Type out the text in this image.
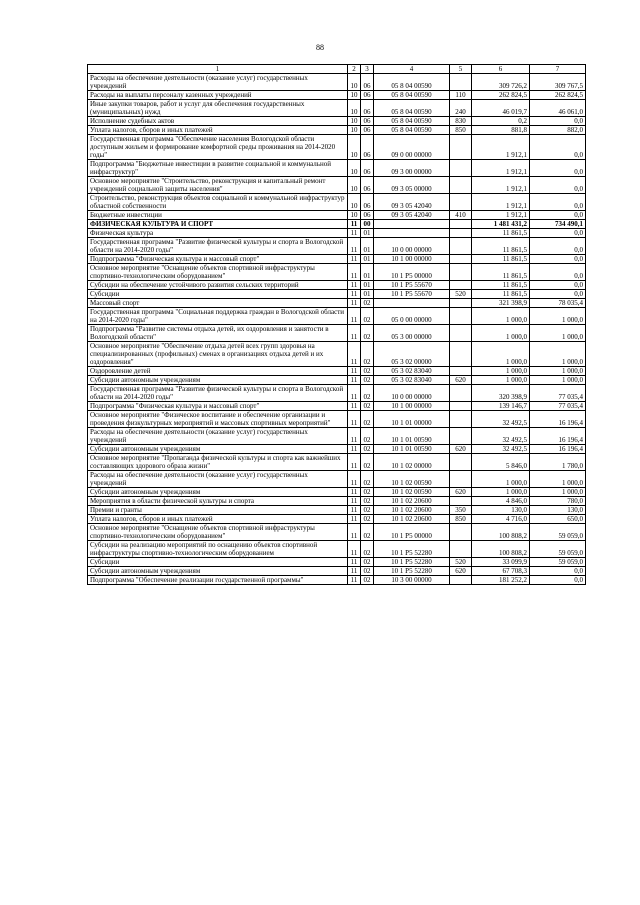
88
1	2	3	4	5	6	7
Расходы на обеспечение деятельности (оказание услуг) государственных учреждений	10	06	05 8 04 00590		309 726,2	309 767,5
Расходы на выплаты персоналу казенных учреждений	10	06	05 8 04 00590	110	262 824,5	262 824,5
Иные закупки товаров, работ и услуг для обеспечения государственных (муниципальных) нужд	10	06	05 8 04 00590	240	46 019,7	46 061,0
Исполнение судебных актов	10	06	05 8 04 00590	830	0,2	0,0
Уплата налогов, сборов и иных платежей	10	06	05 8 04 00590	850	881,8	882,0
Государственная программа "Обеспечение населения Вологодской области доступным жильем и формирование комфортной среды проживания на 2014-2020 годы"	10	06	09 0 00 00000		1 912,1	0,0
Подпрограмма "Бюджетные инвестиции в развитие социальной и коммунальной инфраструктур"	10	06	09 3 00 00000		1 912,1	0,0
Основное мероприятие "Строительство, реконструкция и капитальный ремонт учреждений социальной защиты населения"	10	06	09 3 05 00000		1 912,1	0,0
Строительство, реконструкция объектов социальной и коммунальной инфраструктур областной собственности	10	06	09 3 05 42040		1 912,1	0,0
Бюджетные инвестиции	10	06	09 3 05 42040	410	1 912,1	0,0
ФИЗИЧЕСКАЯ КУЛЬТУРА И СПОРТ	11	00			1 481 431,2	734 490,1
Физическая культура	11	01			11 861,5	0,0
Государственная программа "Развитие физической культуры и спорта в Вологодской области на 2014-2020 годы"	11	01	10 0 00 00000		11 861,5	0,0
Подпрограмма "Физическая культура и массовый спорт"	11	01	10 1 00 00000		11 861,5	0,0
Основное мероприятие "Оснащение объектов спортивной инфраструктуры спортивно-технологическим оборудованием"	11	01	10 1 P5 00000		11 861,5	0,0
Субсидии на обеспечение устойчивого развития сельских территорий	11	01	10 1 P5 55670		11 861,5	0,0
Субсидии	11	01	10 1 P5 55670	520	11 861,5	0,0
Массовый спорт	11	02			321 398,9	78 035,4
Государственная программа "Социальная поддержка граждан в Вологодской области на 2014-2020 годы"	11	02	05 0 00 00000		1 000,0	1 000,0
Подпрограмма "Развитие системы отдыха детей, их оздоровления и занятости в Вологодской области"	11	02	05 3 00 00000		1 000,0	1 000,0
Основное мероприятие "Обеспечение отдыха детей всех групп здоровья на специализированных (профильных) сменах в организациях отдыха детей и их оздоровления"	11	02	05 3 02 00000		1 000,0	1 000,0
Оздоровление детей	11	02	05 3 02 83040		1 000,0	1 000,0
Субсидии автономным учреждениям	11	02	05 3 02 83040	620	1 000,0	1 000,0
Государственная программа "Развитие физической культуры и спорта в Вологодской области на 2014-2020 годы"	11	02	10 0 00 00000		320 398,9	77 035,4
Подпрограмма "Физическая культура и массовый спорт"	11	02	10 1 00 00000		139 146,7	77 035,4
Основное мероприятие "Физическое воспитание и обеспечение организации и проведения физкультурных мероприятий и массовых спортивных мероприятий"	11	02	10 1 01 00000		32 492,5	16 196,4
Расходы на обеспечение деятельности (оказание услуг) государственных учреждений	11	02	10 1 01 00590		32 492,5	16 196,4
Субсидии автономным учреждениям	11	02	10 1 01 00590	620	32 492,5	16 196,4
Основное мероприятие "Пропаганда физической культуры и спорта как важнейших составляющих здорового образа жизни"	11	02	10 1 02 00000		5 846,0	1 780,0
Расходы на обеспечение деятельности (оказание услуг) государственных учреждений	11	02	10 1 02 00590		1 000,0	1 000,0
Субсидии автономным учреждениям	11	02	10 1 02 00590	620	1 000,0	1 000,0
Мероприятия в области физической культуры и спорта	11	02	10 1 02 20600		4 846,0	780,0
Премии и гранты	11	02	10 1 02 20600	350	130,0	130,0
Уплата налогов, сборов и иных платежей	11	02	10 1 02 20600	850	4 716,0	650,0
Основное мероприятие "Оснащение объектов спортивной инфраструктуры спортивно-технологическим оборудованием"	11	02	10 1 P5 00000		100 808,2	59 059,0
Субсидии на реализацию мероприятий по оснащению объектов спортивной инфраструктуры спортивно-технологическим оборудованием	11	02	10 1 P5 52280		100 808,2	59 059,0
Субсидии	11	02	10 1 P5 52280	520	33 099,9	59 059,0
Субсидии автономным учреждениям	11	02	10 1 P5 52280	620	67 708,3	0,0
Подпрограмма "Обеспечение реализации государственной программы"	11	02	10 3 00 00000		181 252,2	0,0
